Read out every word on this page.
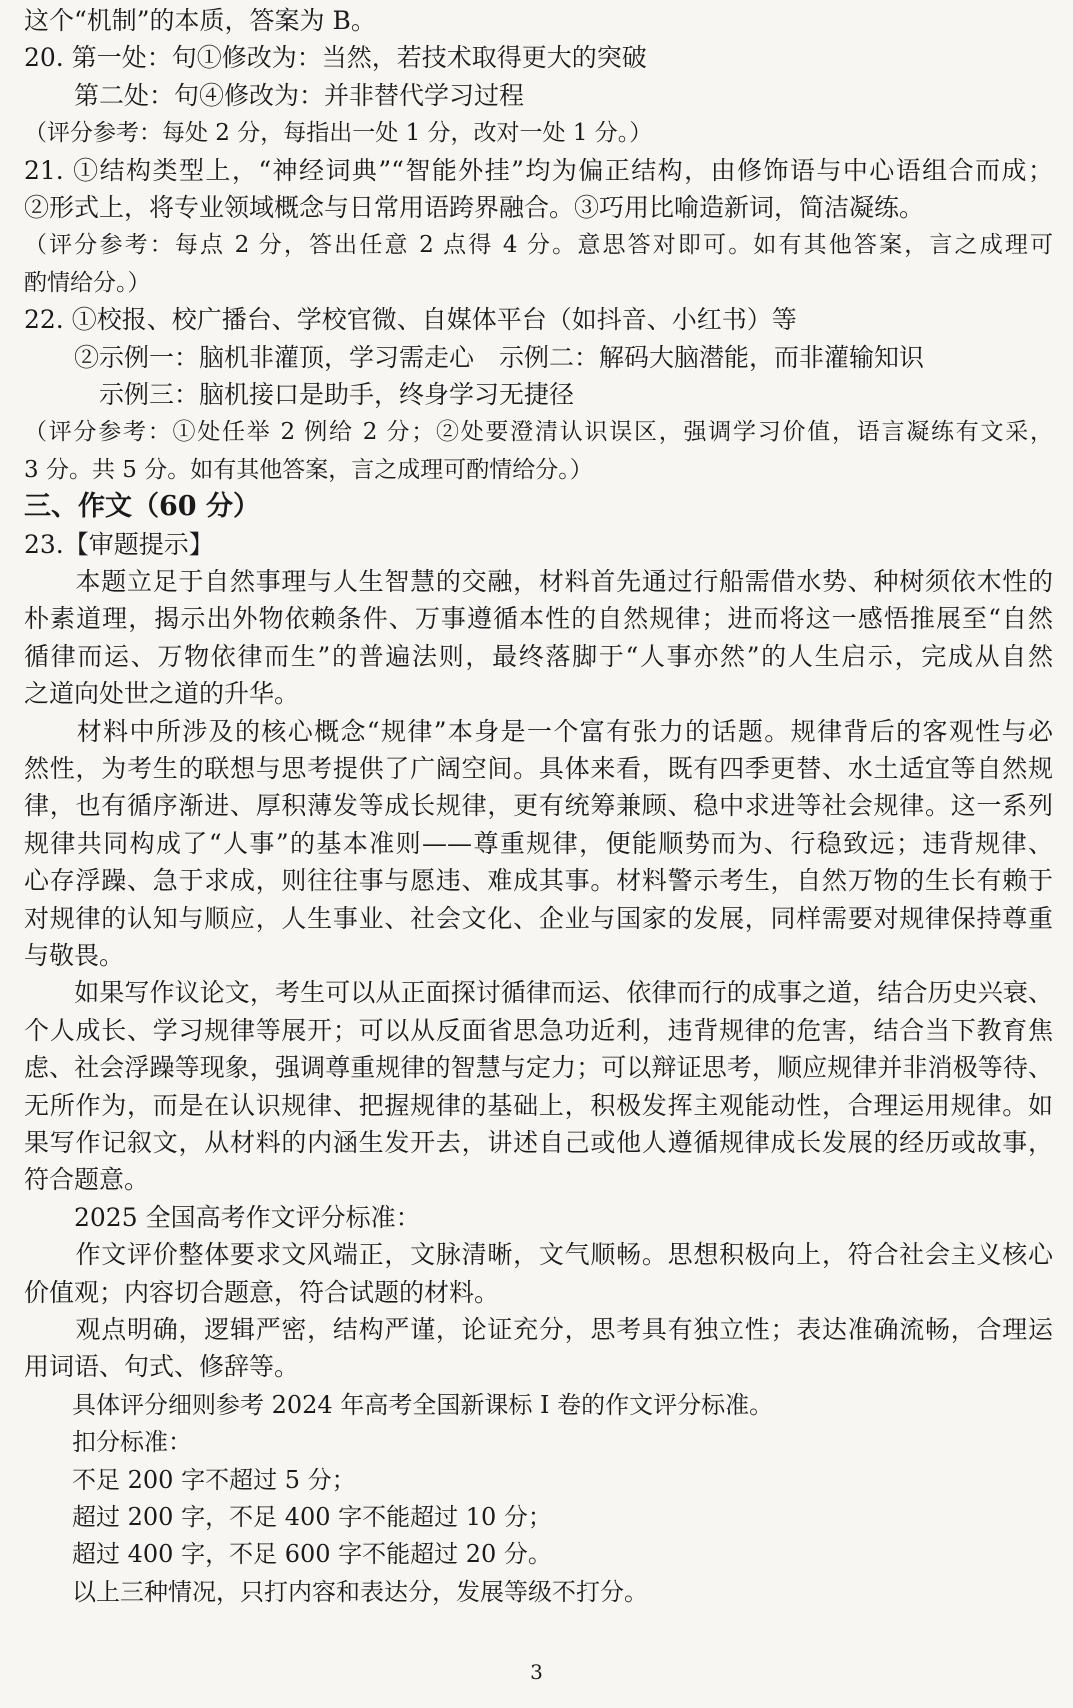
这个“机制”的本质，答案为 B。
20. 第一处：句①修改为：当然，若技术取得更大的突破
　　第二处：句④修改为：并非替代学习过程
（评分参考：每处 2 分，每指出一处 1 分，改对一处 1 分。）
21. ①结构类型上，“神经词典”“智能外挂”均为偏正结构，由修饰语与中心语组合而成；
②形式上，将专业领域概念与日常用语跨界融合。③巧用比喻造新词，简洁凝练。
（评分参考：每点 2 分，答出任意 2 点得 4 分。意思答对即可。如有其他答案，言之成理可
酌情给分。）
22. ①校报、校广播台、学校官微、自媒体平台（如抖音、小红书）等
　　②示例一：脑机非灌顶，学习需走心　示例二：解码大脑潜能，而非灌输知识
　　　示例三：脑机接口是助手，终身学习无捷径
（评分参考：①处任举 2 例给 2 分；②处要澄清认识误区，强调学习价值，语言凝练有文采，
3 分。共 5 分。如有其他答案，言之成理可酌情给分。）
三、作文（60 分）
23.【审题提示】
　　本题立足于自然事理与人生智慧的交融，材料首先通过行船需借水势、种树须依木性的
朴素道理，揭示出外物依赖条件、万事遵循本性的自然规律；进而将这一感悟推展至“自然
循律而运、万物依律而生”的普遍法则，最终落脚于“人事亦然”的人生启示，完成从自然
之道向处世之道的升华。
　　材料中所涉及的核心概念“规律”本身是一个富有张力的话题。规律背后的客观性与必
然性，为考生的联想与思考提供了广阔空间。具体来看，既有四季更替、水土适宜等自然规
律，也有循序渐进、厚积薄发等成长规律，更有统筹兼顾、稳中求进等社会规律。这一系列
规律共同构成了“人事”的基本准则——尊重规律，便能顺势而为、行稳致远；违背规律、
心存浮躁、急于求成，则往往事与愿违、难成其事。材料警示考生，自然万物的生长有赖于
对规律的认知与顺应，人生事业、社会文化、企业与国家的发展，同样需要对规律保持尊重
与敬畏。
　　如果写作议论文，考生可以从正面探讨循律而运、依律而行的成事之道，结合历史兴衰、
个人成长、学习规律等展开；可以从反面省思急功近利，违背规律的危害，结合当下教育焦
虑、社会浮躁等现象，强调尊重规律的智慧与定力；可以辩证思考，顺应规律并非消极等待、
无所作为，而是在认识规律、把握规律的基础上，积极发挥主观能动性，合理运用规律。如
果写作记叙文，从材料的内涵生发开去，讲述自己或他人遵循规律成长发展的经历或故事，
符合题意。
　　2025 全国高考作文评分标准：
　　作文评价整体要求文风端正，文脉清晰，文气顺畅。思想积极向上，符合社会主义核心
价值观；内容切合题意，符合试题的材料。
　　观点明确，逻辑严密，结构严谨，论证充分，思考具有独立性；表达准确流畅，合理运
用词语、句式、修辞等。
　　具体评分细则参考 2024 年高考全国新课标 Ⅰ 卷的作文评分标准。
　　扣分标准：
　　不足 200 字不超过 5 分；
　　超过 200 字，不足 400 字不能超过 10 分；
　　超过 400 字，不足 600 字不能超过 20 分。
　　以上三种情况，只打内容和表达分，发展等级不打分。
3
